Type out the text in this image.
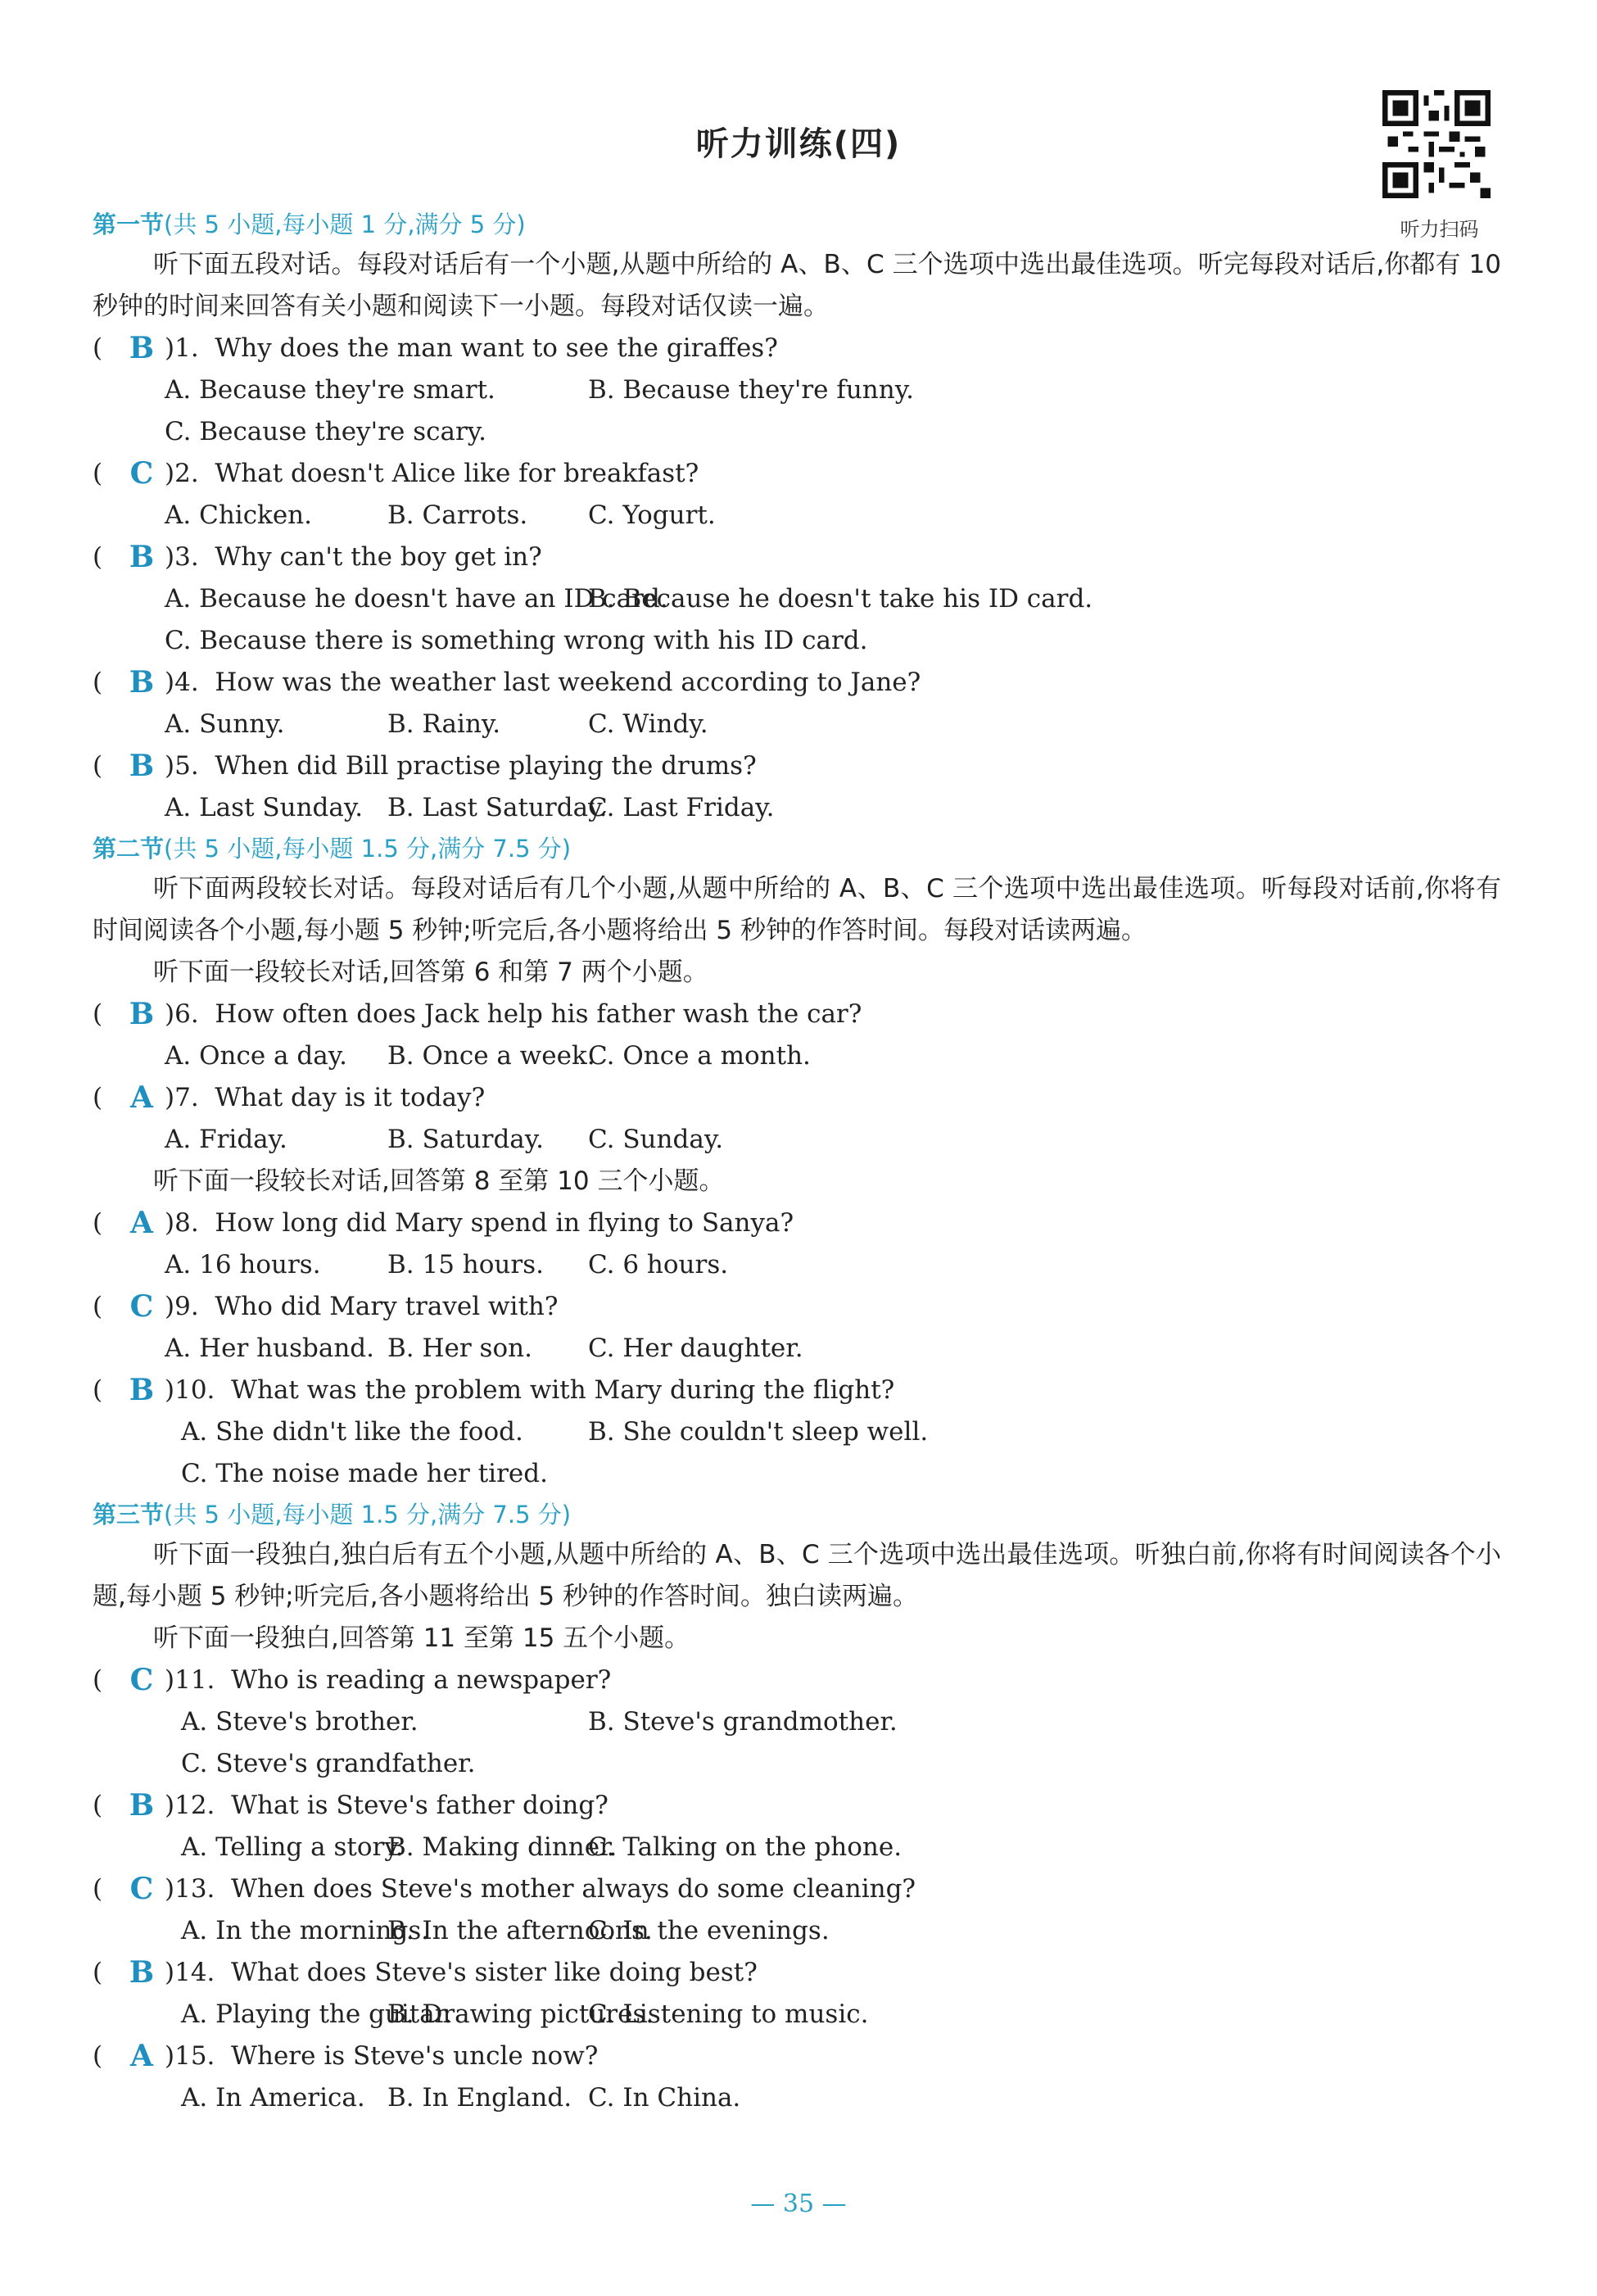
听力训练(四)
听力扫码
第一节(共 5 小题,每小题 1 分,满分 5 分)
听下面五段对话。每段对话后有一个小题,从题中所给的 A、B、C 三个选项中选出最佳选项。听完每段对话后,你都有 10 秒钟的时间来回答有关小题和阅读下一小题。每段对话仅读一遍。
( B )1. Why does the man want to see the giraffes?
A. Because they're smart.	B. Because they're funny.
C. Because they're scary.
( C )2. What doesn't Alice like for breakfast?
A. Chicken.	B. Carrots. C. Yogurt.
( B )3. Why can't the boy get in?
A. Because he doesn't have an ID card.
B. Because he doesn't take his ID card.
C. Because there is something wrong with his ID card.
( B )4. How was the weather last weekend according to Jane?
A. Sunny.	B. Rainy.	C. Windy.
( B )5. When did Bill practise playing the drums?
A. Last Sunday. B. Last Saturday.
C. Last Friday.
第二节(共 5 小题,每小题 1.5 分,满分 7.5 分)
听下面两段较长对话。每段对话后有几个小题,从题中所给的 A、B、C 三个选项中选出最佳选项。听每段对话前,你将有时间阅读各个小题,每小题 5 秒钟;听完后,各小题将给出 5 秒钟的作答时间。每段对话读两遍。
听下面一段较长对话,回答第 6 和第 7 两个小题。
( B )6. How often does Jack help his father wash the car?
A. Once a day. B. Once a week.
C. Once a month.
( A )7. What day is it today?
A. Friday.	B. Saturday. C. Sunday.
听下面一段较长对话,回答第 8 至第 10 三个小题。
( A )8. How long did Mary spend in flying to Sanya?
A. 16 hours.	B. 15 hours. C. 6 hours.
( C )9. Who did Mary travel with?
A. Her husband. B. Her son. C. Her daughter.
( B )10. What was the problem with Mary during the flight?
A. She didn't like the food.	B. She couldn't sleep well.
C. The noise made her tired.
第三节(共 5 小题,每小题 1.5 分,满分 7.5 分)
听下面一段独白,独白后有五个小题,从题中所给的 A、B、C 三个选项中选出最佳选项。听独白前,你将有时间阅读各个小题,每小题 5 秒钟;听完后,各小题将给出 5 秒钟的作答时间。独白读两遍。
听下面一段独白,回答第 11 至第 15 五个小题。
( C )11. Who is reading a newspaper?
A. Steve's brother.	B. Steve's grandmother.
C. Steve's grandfather.
( B )12. What is Steve's father doing?
A. Telling a story.
B. Making dinner.
C. Talking on the phone.
( C )13. When does Steve's mother always do some cleaning?
A. In the mornings.
B. In the afternoons.
C. In the evenings.
( B )14. What does Steve's sister like doing best?
A. Playing the guitar.
B. Drawing pictures.
C. Listening to music.
( A )15. Where is Steve's uncle now?
A. In America. B. In England. C. In China.
— 35 —
